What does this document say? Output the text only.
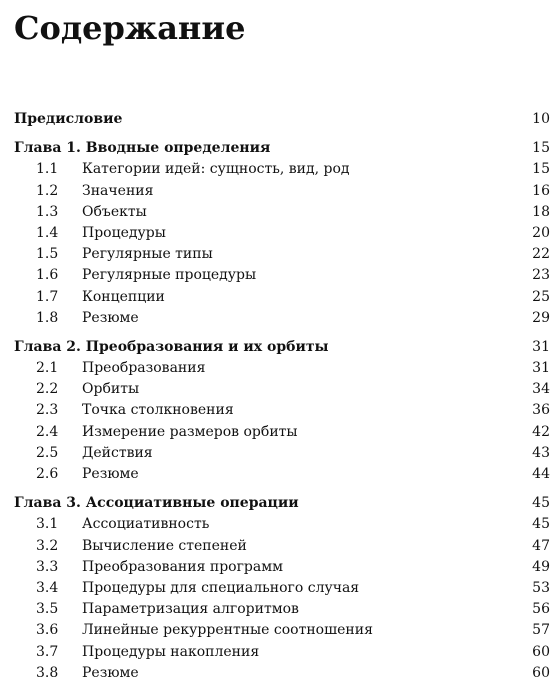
Содержание
Предисловие	10
Глава 1. Вводные определения	15
1.1 Категории идей: сущность, вид, род	15
1.2 Значения	16
1.3 Объекты	18
1.4 Процедуры	20
1.5 Регулярные типы	22
1.6 Регулярные процедуры	23
1.7 Концепции	25
1.8 Резюме	29
Глава 2. Преобразования и их орбиты	31
2.1 Преобразования	31
2.2 Орбиты	34
2.3 Точка столкновения	36
2.4 Измерение размеров орбиты	42
2.5 Действия	43
2.6 Резюме	44
Глава 3. Ассоциативные операции	45
3.1 Ассоциативность	45
3.2 Вычисление степеней	47
3.3 Преобразования программ	49
3.4 Процедуры для специального случая	53
3.5 Параметризация алгоритмов	56
3.6 Линейные рекуррентные соотношения	57
3.7 Процедуры накопления	60
3.8 Резюме	60
